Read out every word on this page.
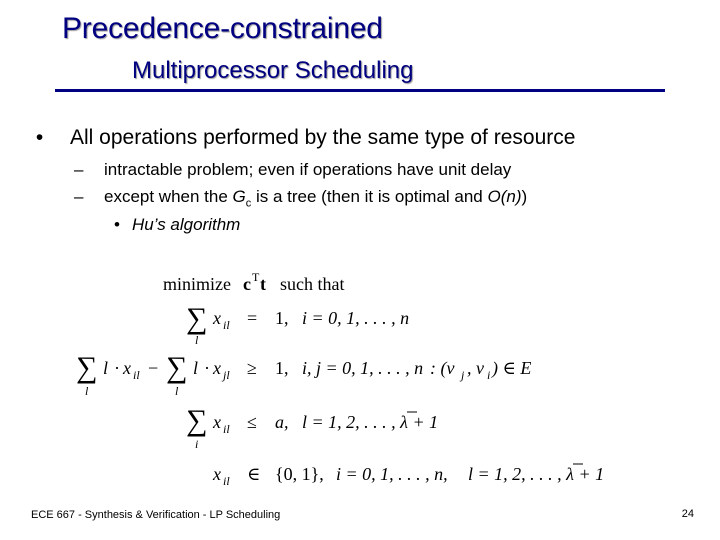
Precedence-constrained
Multiprocessor Scheduling
• All operations performed by the same type of resource
– intractable problem; even if operations have unit delay
– except when the $G_c$ is a tree (then it is optimal and O(n))
• Hu’s algorithm
minimize c T t such that
∑
l
x il = 1, i = 0, 1, . . . , n
∑
l
l · x il − ∑
l
l · x jl ≥ 1, i, j = 0, 1, . . . , n : (v j , v i ) ∈ E
∑
i
x il ≤ a, l = 1, 2, . . . , λ + 1
x il ∈ {0, 1}, i = 0, 1, . . . , n, l = 1, 2, . . . , λ + 1
ECE 667 - Synthesis & Verification - LP Scheduling	24
